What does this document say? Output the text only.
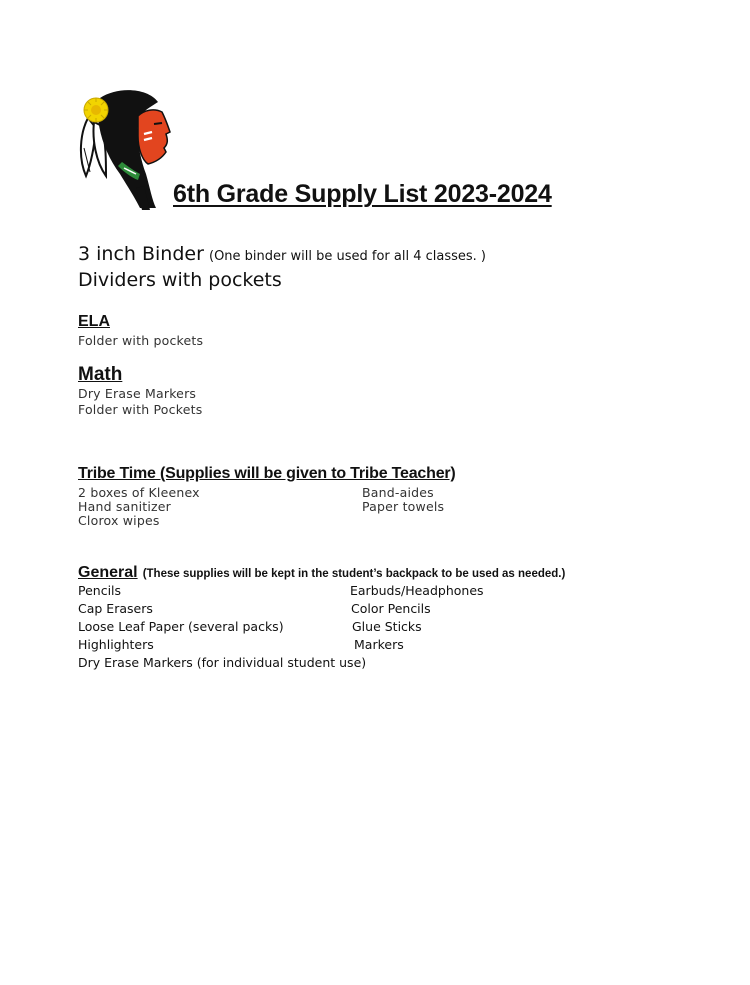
6th Grade Supply List 2023-2024
3 inch Binder (One binder will be used for all 4 classes. )
Dividers with pockets
ELA
Folder with pockets
Math
Dry Erase Markers
Folder with Pockets
Tribe Time (Supplies will be given to Tribe Teacher)
2 boxes of Kleenex
Hand sanitizer
Clorox wipes
Band-aides
Paper towels
General (These supplies will be kept in the student’s backpack to be used as needed.)
Pencils
Cap Erasers
Loose Leaf Paper (several packs)
Highlighters
Dry Erase Markers (for individual student use)
Earbuds/Headphones
Color Pencils
Glue Sticks
Markers
